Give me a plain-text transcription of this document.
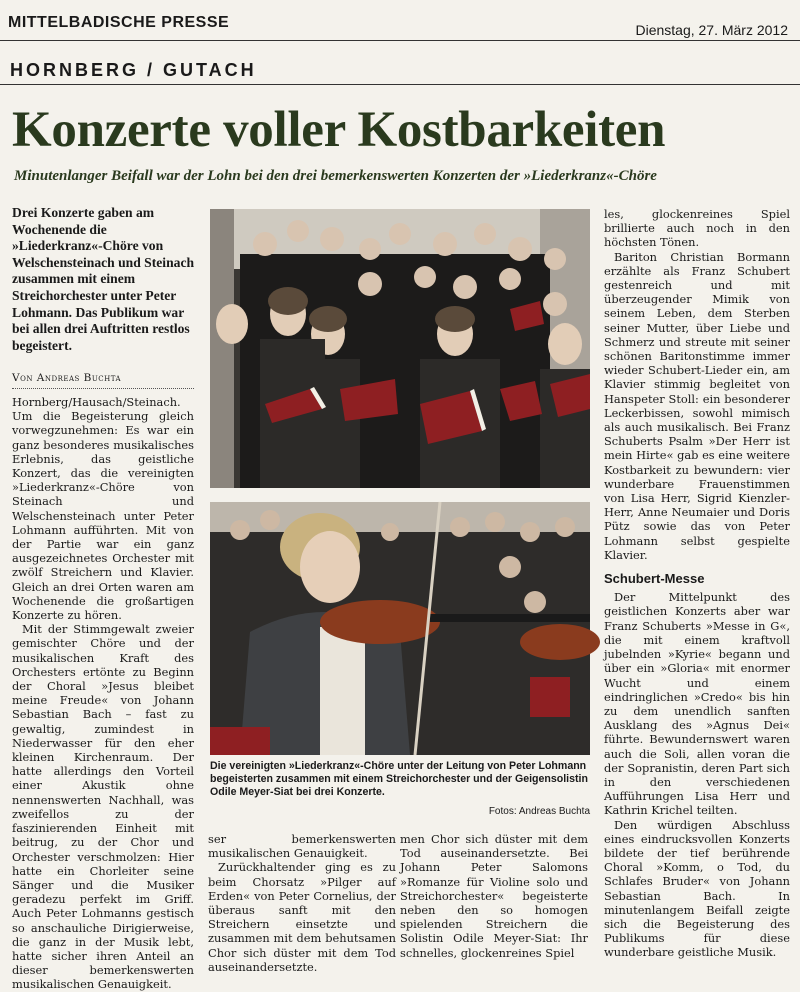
MITTELBADISCHE PRESSE	Dienstag, 27. März 2012
HORNBERG / GUTACH
Konzerte voller Kostbarkeiten
Minutenlanger Beifall war der Lohn bei den drei bemerkenswerten Konzerten der »Liederkranz«-Chöre
Drei Konzerte gaben am Wochenende die »Liederkranz«-Chöre von Welschensteinach und Steinach zusammen mit einem Streichorchester unter Peter Lohmann. Das Publikum war bei allen drei Auftritten restlos begeistert.
Von Andreas Buchta

Hornberg/Hausach/Steinach. Um die Begeisterung gleich vorwegzunehmen: Es war ein ganz besonderes musikalisches Erlebnis, das geistliche Konzert, das die vereinigten »Liederkranz«-Chöre von Steinach und Welschensteinach unter Peter Lohmann aufführten. Mit von der Partie war ein ganz ausgezeichnetes Orchester mit zwölf Streichern und Klavier. Gleich an drei Orten waren am Wochenende die großartigen Konzerte zu hören.

Mit der Stimmgewalt zweier gemischter Chöre und der musikalischen Kraft des Orchesters ertönte zu Beginn der Choral »Jesus bleibet meine Freude« von Johann Sebastian Bach – fast zu gewaltig, zumindest in Niederwasser für den eher kleinen Kirchenraum. Der hatte allerdings den Vorteil einer Akustik ohne nennenswerten Nachhall, was zweifellos zu der faszinierenden Einheit mit beitrug, zu der Chor und Orchester verschmolzen: Hier hatte ein Chorleiter seine Sänger und die Musiker geradezu perfekt im Griff. Auch Peter Lohmanns gestisch so anschauliche Dirigierweise, die ganz in der Musik lebt, hatte sicher ihren Anteil an dieser bemerkenswerten musikalischen Genauigkeit.

Die vereinigten »Liederkranz«-Chöre unter der Leitung von Peter Lohmann begeisterten zusammen mit einem Streichorchester und der Geigensolistin Odile Meyer-Siat bei drei Konzerte.
Fotos: Andreas Buchta

ser bemerkenswerten musikalischen Genauigkeit.

Zurückhaltender ging es zu beim Chorsatz »Pilger auf Erden« von Peter Cornelius, der überaus sanft mit den Streichern einsetzte und zusammen mit dem behutsamen Chor sich düster mit dem Tod auseinandersetzte.

men Chor sich düster mit dem Tod auseinandersetzte. Bei Johann Peter Salomons »Romanze für Violine solo und Streichorchester« begeisterte neben den so homogen spielenden Streichern die Solistin Odile Meyer-Siat: Ihr schnelles, glockenreines Spiel

les, glockenreines Spiel brillierte auch noch in den höchsten Tönen.

Bariton Christian Bormann erzählte als Franz Schubert gestenreich und mit überzeugender Mimik von seinem Leben, dem Sterben seiner Mutter, über Liebe und Schmerz und streute mit seiner schönen Baritonstimme immer wieder Schubert-Lieder ein, am Klavier stimmig begleitet von Hanspeter Stoll: ein besonderer Leckerbissen, sowohl mimisch als auch musikalisch. Bei Franz Schuberts Psalm »Der Herr ist mein Hirte« gab es eine weitere Kostbarkeit zu bewundern: vier wunderbare Frauenstimmen von Lisa Herr, Sigrid Kienzler-Herr, Anne Neumaier und Doris Pütz sowie das von Peter Lohmann selbst gespielte Klavier.

Schubert-Messe

Der Mittelpunkt des geistlichen Konzerts aber war Franz Schuberts »Messe in G«, die mit einem kraftvoll jubelnden »Kyrie« begann und über ein »Gloria« mit enormer Wucht und einem eindringlichen »Credo« bis hin zu dem unendlich sanften Ausklang des »Agnus Dei« führte. Bewundernswert waren auch die Soli, allen voran die der Sopranistin, deren Part sich in den verschiedenen Aufführungen Lisa Herr und Kathrin Krichel teilten.

Den würdigen Abschluss eines eindrucksvollen Konzerts bildete der tief berührende Choral »Komm, o Tod, du Schlafes Bruder« von Johann Sebastian Bach. In minutenlangem Beifall zeigte sich die Begeisterung des Publikums für diese wunderbare geistliche Musik.
